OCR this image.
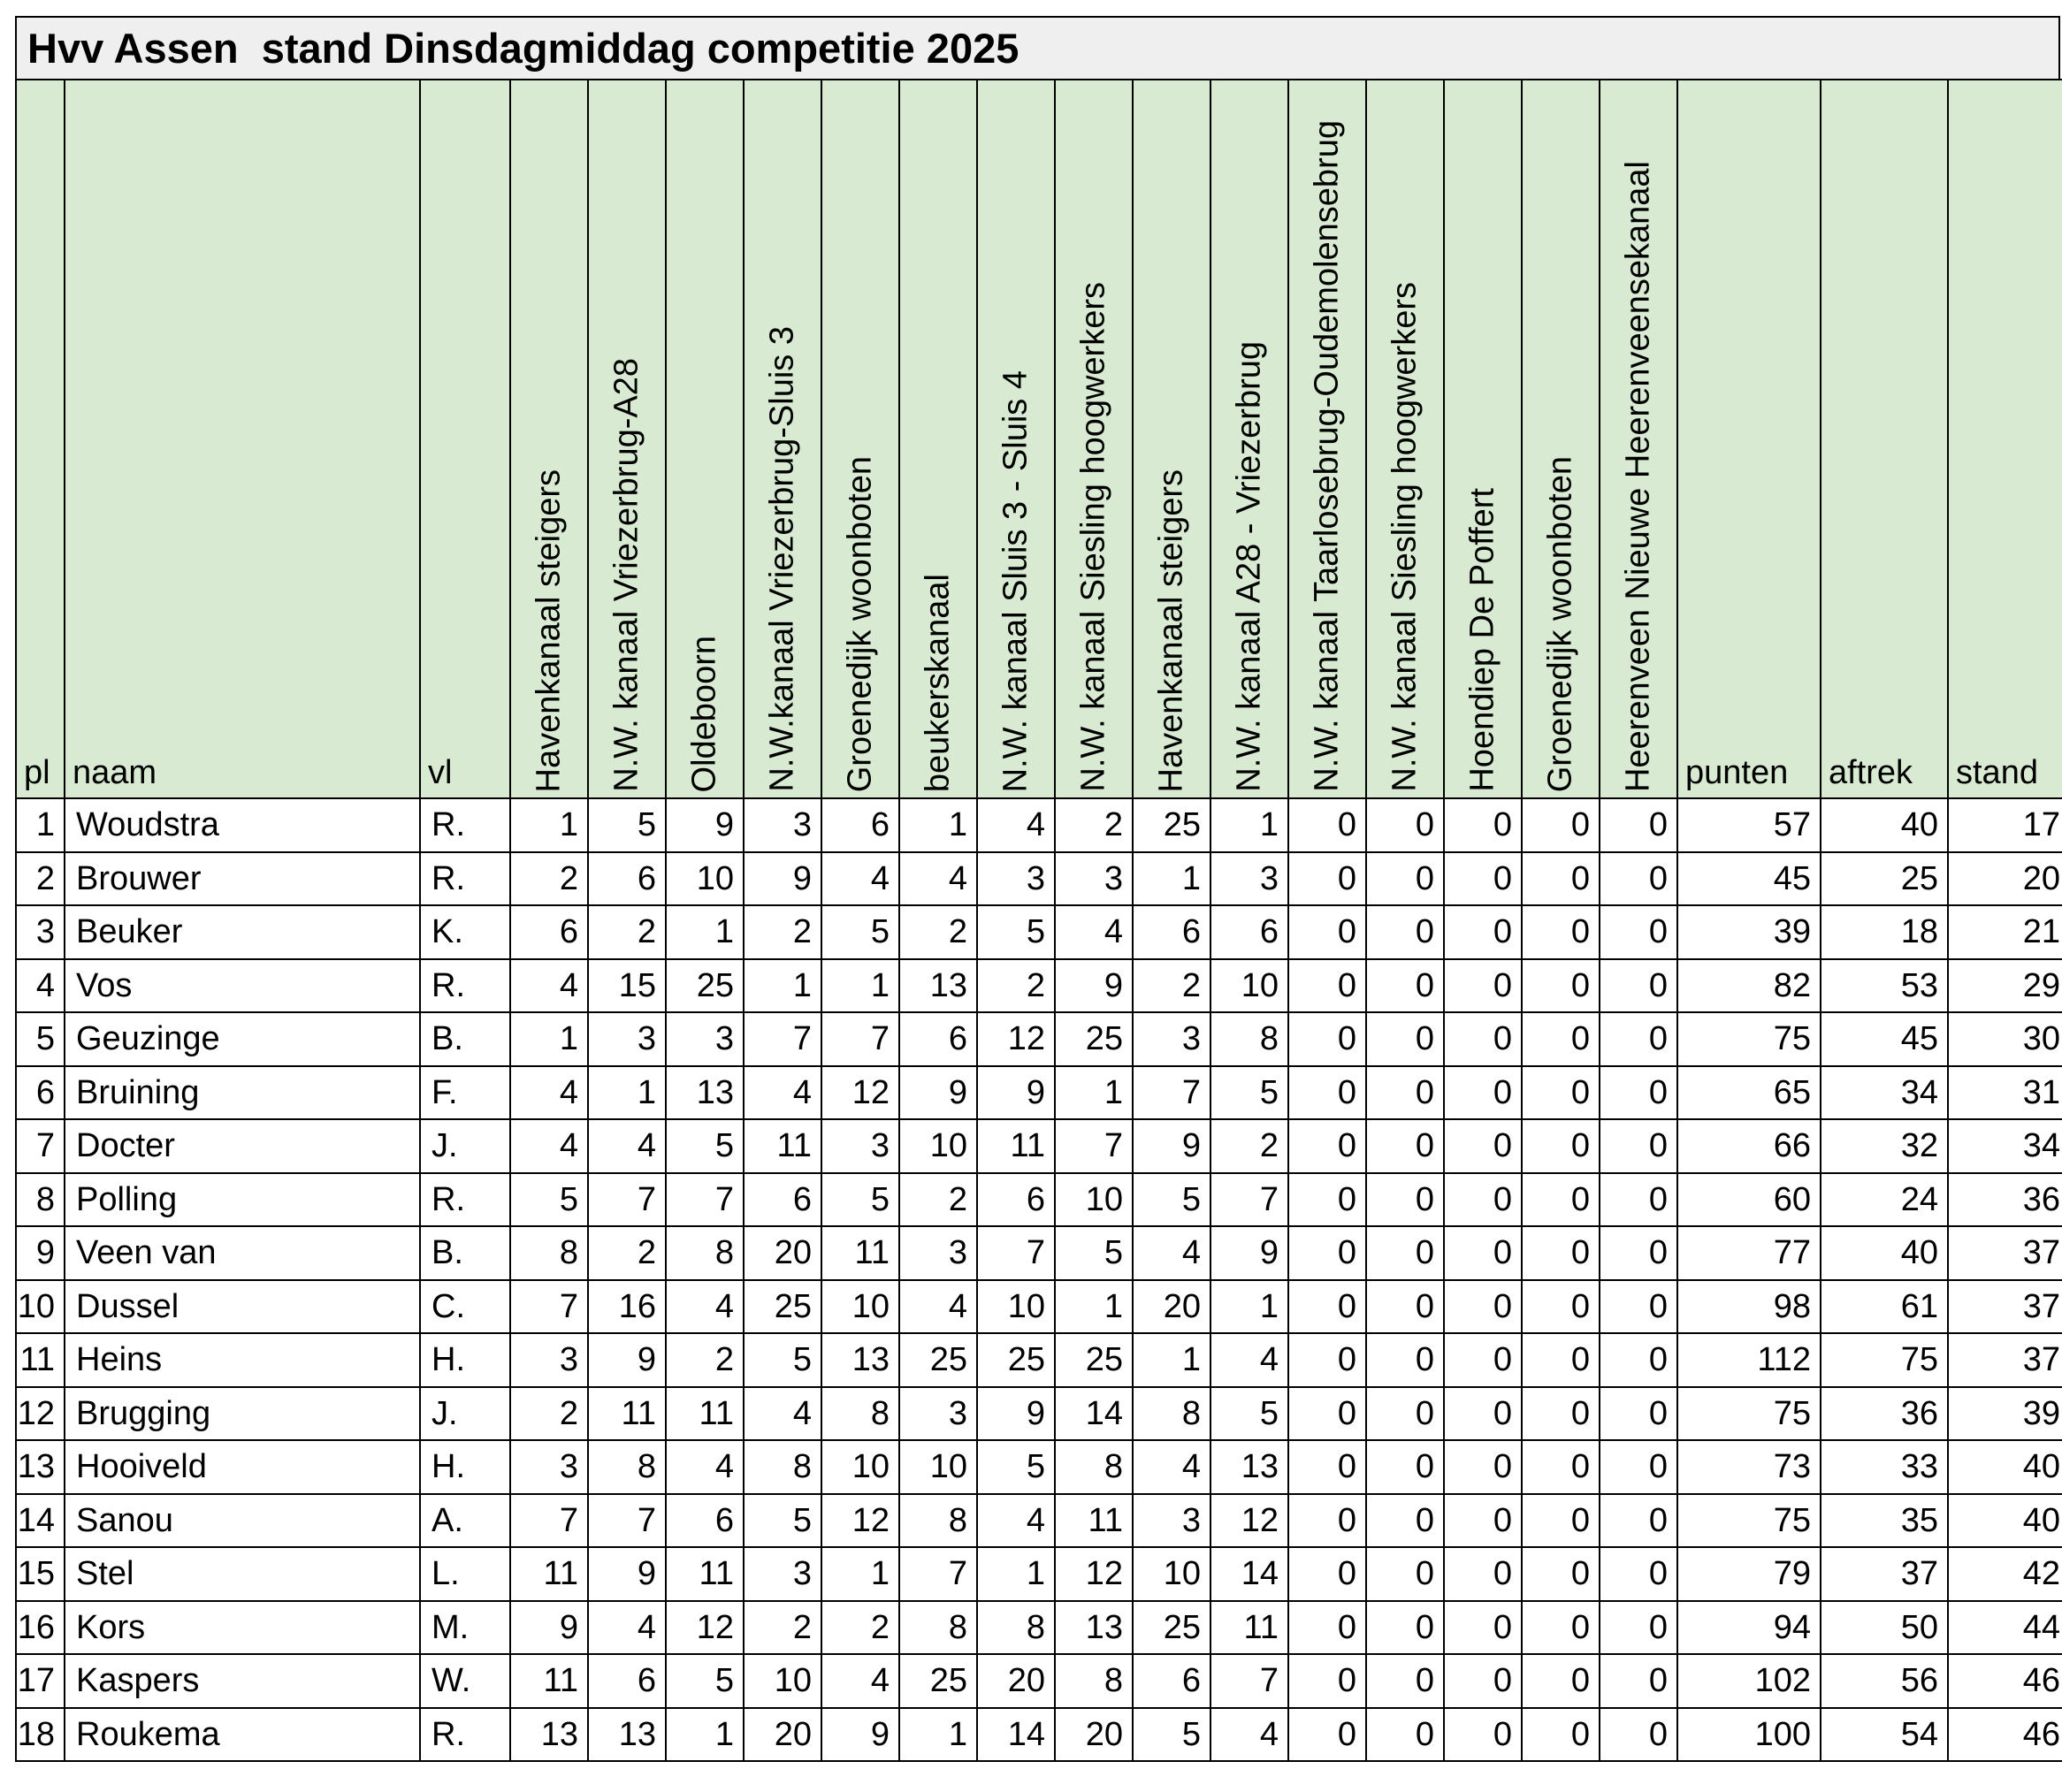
Hvv Assen  stand Dinsdagmiddag competitie 2025
pl	naam	vl	Havenkanaal steigers	N.W. kanaal Vriezerbrug-A28	Oldeboorn	N.W.kanaal Vriezerbrug-Sluis 3	Groenedijk woonboten	beukerskanaal	N.W. kanaal Sluis 3 - Sluis 4	N.W. kanaal Siesling hoogwerkers	Havenkanaal steigers	N.W. kanaal A28 - Vriezerbrug	N.W. kanaal Taarlosebrug-Oudemolensebrug	N.W. kanaal Siesling hoogwerkers	Hoendiep De Poffert	Groenedijk woonboten	Heerenveen Nieuwe Heerenveensekanaal	punten	aftrek	stand
1	Woudstra	R.	1	5	9	3	6	1	4	2	25	1	0	0	0	0	0	57	40	17
2	Brouwer	R.	2	6	10	9	4	4	3	3	1	3	0	0	0	0	0	45	25	20
3	Beuker	K.	6	2	1	2	5	2	5	4	6	6	0	0	0	0	0	39	18	21
4	Vos	R.	4	15	25	1	1	13	2	9	2	10	0	0	0	0	0	82	53	29
5	Geuzinge	B.	1	3	3	7	7	6	12	25	3	8	0	0	0	0	0	75	45	30
6	Bruining	F.	4	1	13	4	12	9	9	1	7	5	0	0	0	0	0	65	34	31
7	Docter	J.	4	4	5	11	3	10	11	7	9	2	0	0	0	0	0	66	32	34
8	Polling	R.	5	7	7	6	5	2	6	10	5	7	0	0	0	0	0	60	24	36
9	Veen van	B.	8	2	8	20	11	3	7	5	4	9	0	0	0	0	0	77	40	37
10	Dussel	C.	7	16	4	25	10	4	10	1	20	1	0	0	0	0	0	98	61	37
11	Heins	H.	3	9	2	5	13	25	25	25	1	4	0	0	0	0	0	112	75	37
12	Brugging	J.	2	11	11	4	8	3	9	14	8	5	0	0	0	0	0	75	36	39
13	Hooiveld	H.	3	8	4	8	10	10	5	8	4	13	0	0	0	0	0	73	33	40
14	Sanou	A.	7	7	6	5	12	8	4	11	3	12	0	0	0	0	0	75	35	40
15	Stel	L.	11	9	11	3	1	7	1	12	10	14	0	0	0	0	0	79	37	42
16	Kors	M.	9	4	12	2	2	8	8	13	25	11	0	0	0	0	0	94	50	44
17	Kaspers	W.	11	6	5	10	4	25	20	8	6	7	0	0	0	0	0	102	56	46
18	Roukema	R.	13	13	1	20	9	1	14	20	5	4	0	0	0	0	0	100	54	46
